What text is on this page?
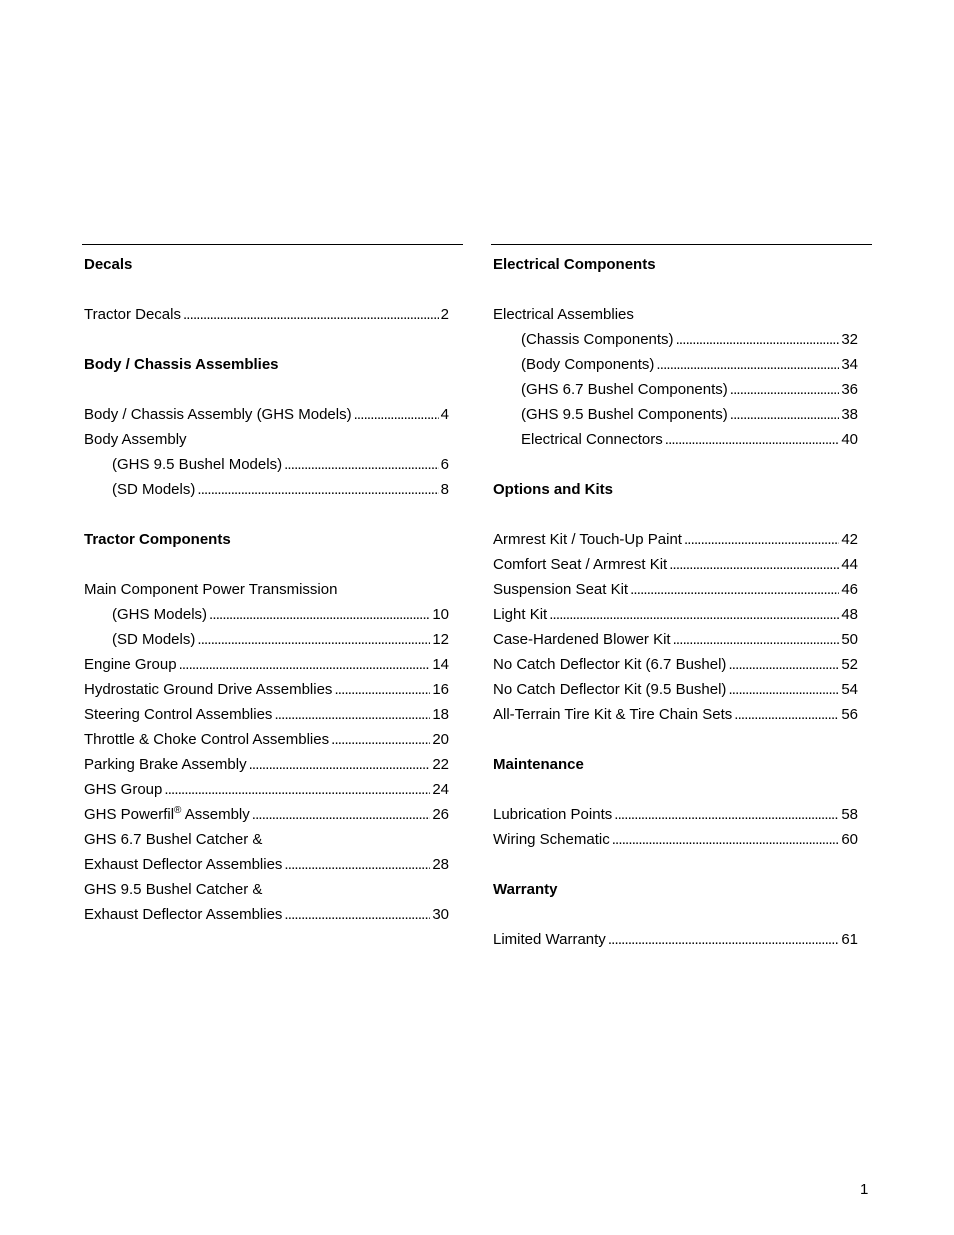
Decals
Tractor Decals . . .	2
Body / Chassis Assemblies
Body / Chassis Assembly (GHS Models) . . .	4
Body Assembly
(GHS 9.5 Bushel Models) . . .	6
(SD Models) . . .	8
Tractor Components
Main Component Power Transmission
(GHS Models) . . .	10
(SD Models) . . .	12
Engine Group . . .	14
Hydrostatic Ground Drive Assemblies . . .	16
Steering Control Assemblies . . .	18
Throttle & Choke Control Assemblies . . .	20
Parking Brake Assembly . . .	22
GHS Group . . .	24
GHS Powerfil® Assembly . . .	26
GHS 6.7 Bushel Catcher &
Exhaust Deflector Assemblies . . .	28
GHS 9.5 Bushel Catcher &
Exhaust Deflector Assemblies . . .	30
Electrical Components
Electrical Assemblies
(Chassis Components) . . .	32
(Body Components) . . .	34
(GHS 6.7 Bushel Components) . . .	36
(GHS 9.5 Bushel Components) . . .	38
Electrical Connectors . . .	40
Options and Kits
Armrest Kit / Touch-Up Paint . . .	42
Comfort Seat / Armrest Kit . . .	44
Suspension Seat Kit . . .	46
Light Kit . . .	48
Case-Hardened Blower Kit . . .	50
No Catch Deflector Kit (6.7 Bushel) . . .	52
No Catch Deflector Kit (9.5 Bushel) . . .	54
All-Terrain Tire Kit & Tire Chain Sets . . .	56
Maintenance
Lubrication Points . . .	58
Wiring Schematic . . .	60
Warranty
Limited Warranty . . .	61
1
